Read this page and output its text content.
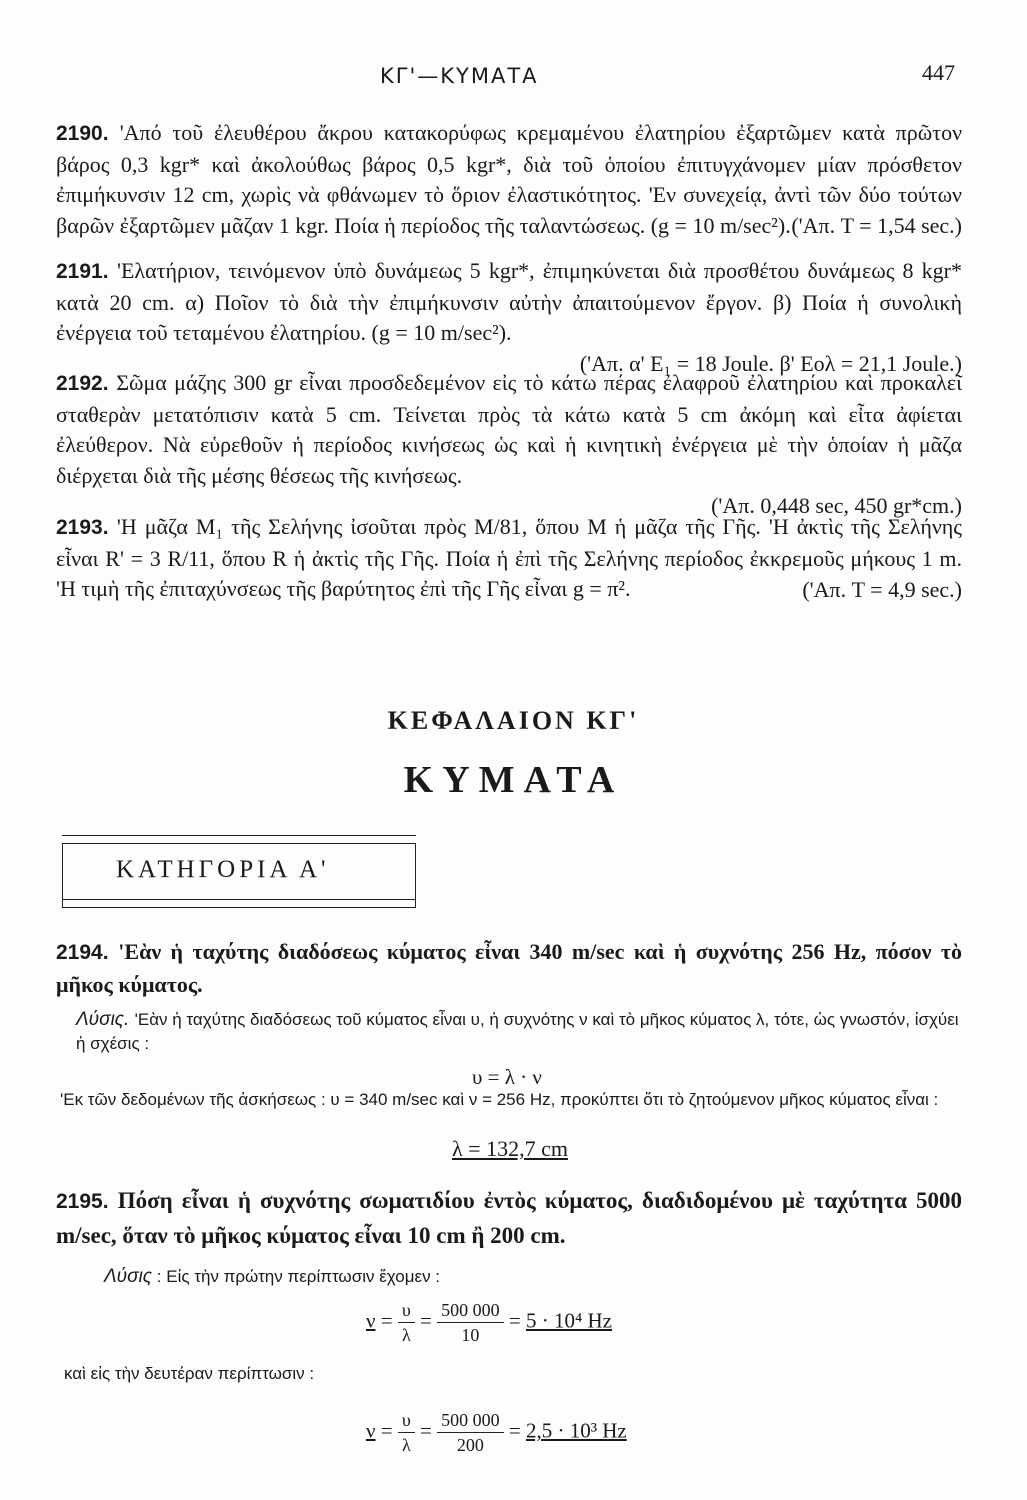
ΚΓ'—ΚΥΜΑΤΑ	447
2190. 'Από τοῦ ἐλευθέρου ἄκρου κατακορύφως κρεμαμένου ἐλατηρίου ἐξαρτῶμεν κατὰ πρῶτον βάρος 0,3 kgr* καὶ ἀκολούθως βάρος 0,5 kgr*, διὰ τοῦ ὁποίου ἐπιτυγχάνομεν μίαν πρόσθετον ἐπιμήκυνσιν 12 cm, χωρὶς νὰ φθάνωμεν τὸ ὅριον ἐλαστικότητος. 'Εν συνεχείᾳ, ἀντὶ τῶν δύο τούτων βαρῶν ἐξαρτῶμεν μᾶζαν 1 kgr. Ποία ἡ περίοδος τῆς ταλαντώσεως. (g = 10 m/sec²). ('Απ. T = 1,54 sec.)
2191. 'Ελατήριον, τεινόμενον ὑπὸ δυνάμεως 5 kgr*, ἐπιμηκύνεται διὰ προσθέτου δυνάμεως 8 kgr* κατὰ 20 cm. α) Ποῖον τὸ διὰ τὴν ἐπιμήκυνσιν αὐτὴν ἀπαιτούμενον ἔργον. β) Ποία ἡ συνολικὴ ἐνέργεια τοῦ τεταμένου ἐλατηρίου. (g = 10 m/sec²).
('Απ. α' E₁ = 18 Joule. β' Eολ = 21,1 Joule.)
2192. Σῶμα μάζης 300 gr εἶναι προσδεδεμένον εἰς τὸ κάτω πέρας ἐλαφροῦ ἐλατηρίου καὶ προκαλεῖ σταθερὰν μετατόπισιν κατὰ 5 cm. Τείνεται πρὸς τὰ κάτω κατὰ 5 cm ἀκόμη καὶ εἶτα ἀφίεται ἐλεύθερον. Νὰ εὑρεθοῦν ἡ περίοδος κινήσεως ὡς καὶ ἡ κινητικὴ ἐνέργεια μὲ τὴν ὁποίαν ἡ μᾶζα διέρχεται διὰ τῆς μέσης θέσεως τῆς κινήσεως.
('Απ. 0,448 sec, 450 gr*cm.)
2193. 'Η μᾶζα M₁ τῆς Σελήνης ἰσοῦται πρὸς M/81, ὅπου M ἡ μᾶζα τῆς Γῆς. 'Η ἀκτὶς τῆς Σελήνης εἶναι R' = 3 R/11, ὅπου R ἡ ἀκτὶς τῆς Γῆς. Ποία ἡ ἐπὶ τῆς Σελήνης περίοδος ἐκκρεμοῦς μήκους 1 m. 'Η τιμὴ τῆς ἐπιταχύνσεως τῆς βαρύτητος ἐπὶ τῆς Γῆς εἶναι g = π².	('Απ. T = 4,9 sec.)
ΚΕΦΑΛΑΙΟΝ ΚΓ'
ΚΥΜΑΤΑ
ΚΑΤΗΓΟΡΙΑ Α'
2194. 'Εὰν ἡ ταχύτης διαδόσεως κύματος εἶναι 340 m/sec καὶ ἡ συχνότης 256 Hz, πόσον τὸ μῆκος κύματος.
Λύσις. 'Εὰν ἡ ταχύτης διαδόσεως τοῦ κύματος εἶναι υ, ἡ συχνότης ν καὶ τὸ μῆκος κύματος λ, τότε, ὡς γνωστόν, ἰσχύει ἡ σχέσις :
υ = λ · ν
'Εκ τῶν δεδομένων τῆς ἀσκήσεως : υ = 340 m/sec καὶ ν = 256 Hz, προκύπτει ὅτι τὸ ζητούμενον μῆκος κύματος εἶναι :
λ = 132,7 cm
2195. Πόση εἶναι ἡ συχνότης σωματιδίου ἐντὸς κύματος, διαδιδομένου μὲ ταχύτητα 5000 m/sec, ὅταν τὸ μῆκος κύματος εἶναι 10 cm ἢ 200 cm.
Λύσις : Εἰς τὴν πρώτην περίπτωσιν ἔχομεν :
$\nu = \frac{\upsilon}{\lambda} = \frac{500 000}{10} = 5 \cdot 10^4$ Hz
καὶ εἰς τὴν δευτέραν περίπτωσιν :
$\nu = \frac{\upsilon}{\lambda} = \frac{500 000}{200} = 2,5 \cdot 10^3$ Hz
